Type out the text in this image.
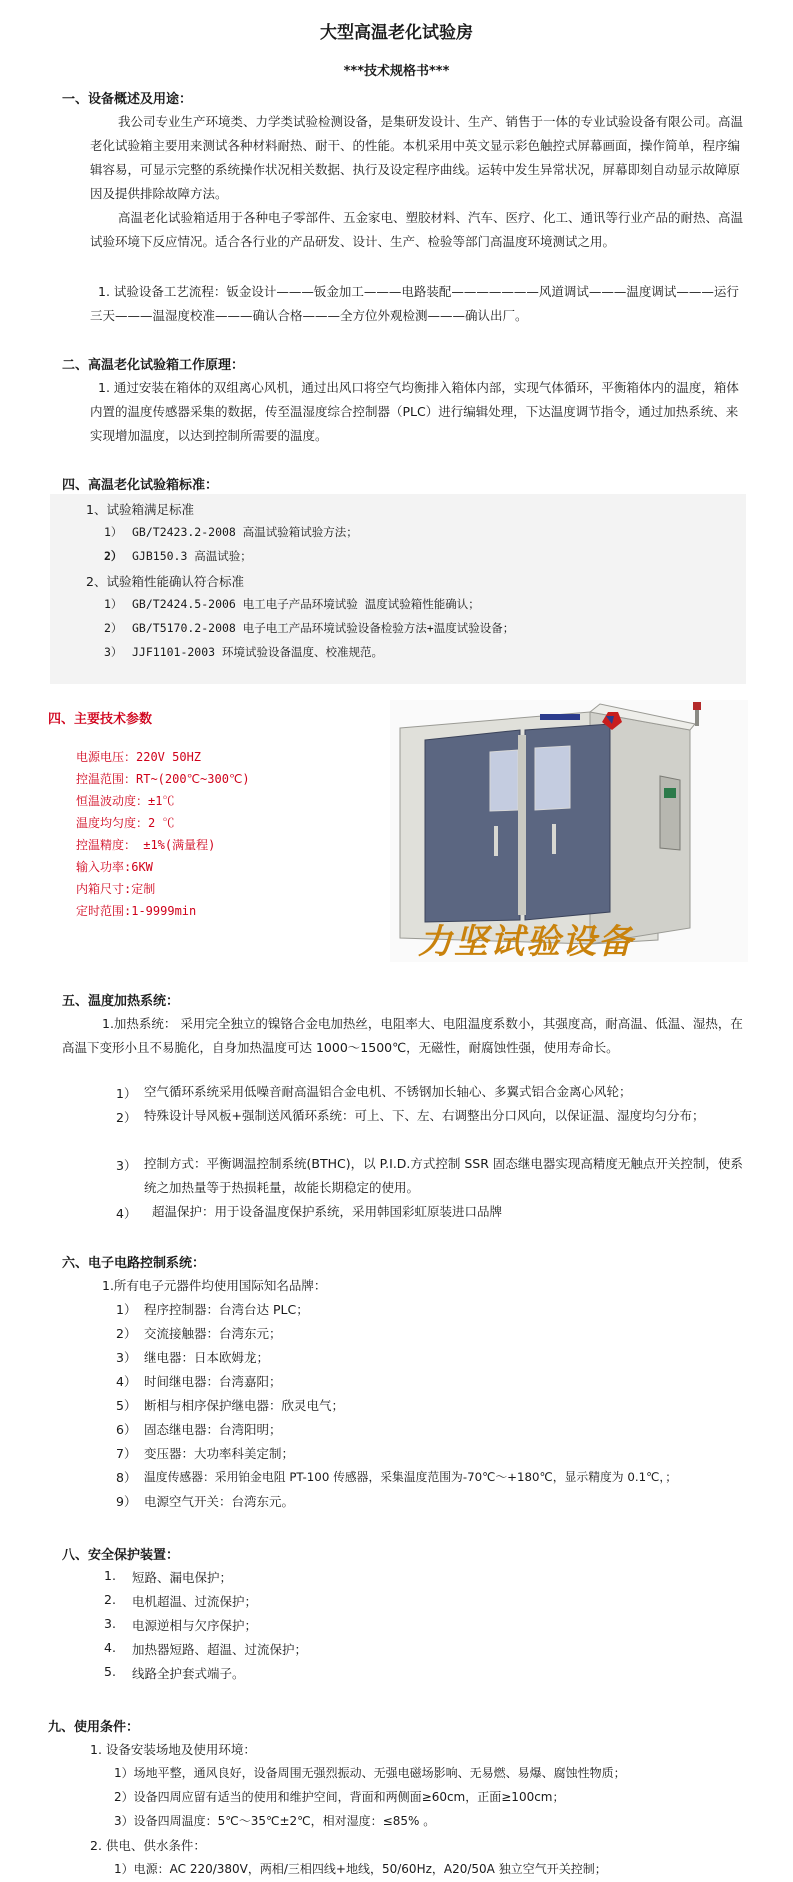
大型高温老化试验房
***技术规格书***
一、设备概述及用途：
我公司专业生产环境类、力学类试验检测设备，是集研发设计、生产、销售于一体的专业试验设备有限公司。高温老化试验箱主要用来测试各种材料耐热、耐干、的性能。本机采用中英文显示彩色触控式屏幕画面，操作简单，程序编辑容易，可显示完整的系统操作状况相关数据、执行及设定程序曲线。运转中发生异常状况，屏幕即刻自动显示故障原因及提供排除故障方法。
高温老化试验箱适用于各种电子零部件、五金家电、塑胶材料、汽车、医疗、化工、通讯等行业产品的耐热、高温试验环境下反应情况。适合各行业的产品研发、设计、生产、检验等部门高温度环境测试之用。
1. 试验设备工艺流程：钣金设计———钣金加工———电路装配———————风道调试———温度调试———运行三天———温湿度校准———确认合格———全方位外观检测———确认出厂。
二、高温老化试验箱工作原理：
1. 通过安装在箱体的双组离心风机，通过出风口将空气均衡排入箱体内部，实现气体循环，平衡箱体内的温度，箱体内置的温度传感器采集的数据，传至温湿度综合控制器（PLC）进行编辑处理，下达温度调节指令，通过加热系统、来实现增加温度，以达到控制所需要的温度。
四、高温老化试验箱标准：
1、试验箱满足标准
1） GB/T2423.2-2008 高温试验箱试验方法；
2） GJB150.3 高温试验；
2、试验箱性能确认符合标准
1） GB/T2424.5-2006 电工电子产品环境试验 温度试验箱性能确认；
2） GB/T5170.2-2008 电子电工产品环境试验设备检验方法+温度试验设备；
3） JJF1101-2003 环境试验设备温度、校准规范。
四、主要技术参数
电源电压：220V 50HZ
控温范围：RT~(200℃~300℃)
恒温波动度：±1℃
温度均匀度：2 ℃
控温精度： ±1%(满量程)
输入功率:6KW
内箱尺寸:定制
定时范围:1-9999min
力坚试验设备
五、温度加热系统：
1.加热系统： 采用完全独立的镍铬合金电加热丝，电阻率大、电阻温度系数小，其强度高，耐高温、低温、湿热，在高温下变形小且不易脆化，自身加热温度可达 1000～1500℃，无磁性，耐腐蚀性强，使用寿命长。
1） 空气循环系统采用低噪音耐高温铝合金电机、不锈钢加长轴心、多翼式铝合金离心风轮；
2） 特殊设计导风板+强制送风循环系统：可上、下、左、右调整出分口风向，以保证温、湿度均匀分布；
3） 控制方式：平衡调温控制系统(BTHC)，以 P.I.D.方式控制 SSR 固态继电器实现高精度无触点开关控制，使系统之加热量等于热损耗量，故能长期稳定的使用。
4） 超温保护：用于设备温度保护系统，采用韩国彩虹原装进口品牌
六、电子电路控制系统：
1.所有电子元器件均使用国际知名品牌：
1） 程序控制器：台湾台达 PLC；
2） 交流接触器：台湾东元；
3） 继电器：日本欧姆龙；
4） 时间继电器：台湾嘉阳；
5） 断相与相序保护继电器：欣灵电气；
6） 固态继电器：台湾阳明；
7） 变压器：大功率科美定制；
8） 温度传感器：采用铂金电阻 PT-100 传感器，采集温度范围为-70℃～+180℃，显示精度为 0.1℃，；
9） 电源空气开关：台湾东元。
八、安全保护装置：
1. 短路、漏电保护；
2. 电机超温、过流保护；
3. 电源逆相与欠序保护；
4. 加热器短路、超温、过流保护；
5. 线路全护套式端子。
九、使用条件：
1. 设备安装场地及使用环境：
1）场地平整，通风良好，设备周围无强烈振动、无强电磁场影响、无易燃、易爆、腐蚀性物质；
2）设备四周应留有适当的使用和维护空间，背面和两侧面≥60cm，正面≥100cm；
3）设备四周温度：5℃～35℃±2℃，相对湿度：≤85% 。
2. 供电、供水条件：
1）电源：AC 220/380V，两相/三相四线+地线，50/60Hz，A20/50A 独立空气开关控制；
